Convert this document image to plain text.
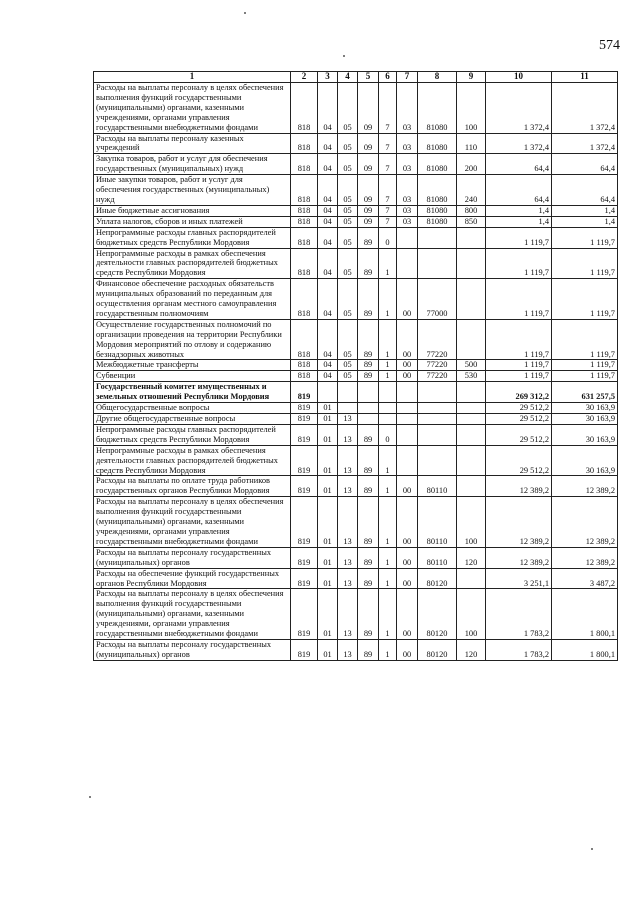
574
1	2	3	4	5	6	7	8	9	10	11
Расходы на выплаты персоналу в целях обеспечения выполнения функций государственными (муниципальными) органами, казенными учреждениями, органами управления государственными внебюджетными фондами	818	04	05	09	7	03	81080	100	1 372,4	1 372,4
Расходы на выплаты персоналу казенных учреждений	818	04	05	09	7	03	81080	110	1 372,4	1 372,4
Закупка товаров, работ и услуг для обеспечения государственных (муниципальных) нужд	818	04	05	09	7	03	81080	200	64,4	64,4
Иные закупки товаров, работ и услуг для обеспечения государственных (муниципальных) нужд	818	04	05	09	7	03	81080	240	64,4	64,4
Иные бюджетные ассигнования	818	04	05	09	7	03	81080	800	1,4	1,4
Уплата налогов, сборов и иных платежей	818	04	05	09	7	03	81080	850	1,4	1,4
Непрограммные расходы главных распорядителей бюджетных средств Республики Мордовия	818	04	05	89	0				1 119,7	1 119,7
Непрограммные расходы в рамках обеспечения деятельности главных распорядителей бюджетных средств Республики Мордовия	818	04	05	89	1				1 119,7	1 119,7
Финансовое обеспечение расходных обязательств муниципальных образований по переданным для осуществления органам местного самоуправления государственным полномочиям	818	04	05	89	1	00	77000		1 119,7	1 119,7
Осуществление государственных полномочий по организации проведения на территории Республики Мордовия мероприятий по отлову и содержанию безнадзорных животных	818	04	05	89	1	00	77220		1 119,7	1 119,7
Межбюджетные трансферты	818	04	05	89	1	00	77220	500	1 119,7	1 119,7
Субвенции	818	04	05	89	1	00	77220	530	1 119,7	1 119,7
Государственный комитет имущественных и земельных отношений Республики Мордовия	819								269 312,2	631 257,5
Общегосударственные вопросы	819	01							29 512,2	30 163,9
Другие общегосударственные вопросы	819	01	13						29 512,2	30 163,9
Непрограммные расходы главных распорядителей бюджетных средств Республики Мордовия	819	01	13	89	0				29 512,2	30 163,9
Непрограммные расходы в рамках обеспечения деятельности главных распорядителей бюджетных средств Республики Мордовия	819	01	13	89	1				29 512,2	30 163,9
Расходы на выплаты по оплате труда работников государственных органов Республики Мордовия	819	01	13	89	1	00	80110		12 389,2	12 389,2
Расходы на выплаты персоналу в целях обеспечения выполнения функций государственными (муниципальными) органами, казенными учреждениями, органами управления государственными внебюджетными фондами	819	01	13	89	1	00	80110	100	12 389,2	12 389,2
Расходы на выплаты персоналу государственных (муниципальных) органов	819	01	13	89	1	00	80110	120	12 389,2	12 389,2
Расходы на обеспечение функций государственных органов Республики Мордовия	819	01	13	89	1	00	80120		3 251,1	3 487,2
Расходы на выплаты персоналу в целях обеспечения выполнения функций государственными (муниципальными) органами, казенными учреждениями, органами управления государственными внебюджетными фондами	819	01	13	89	1	00	80120	100	1 783,2	1 800,1
Расходы на выплаты персоналу государственных (муниципальных) органов	819	01	13	89	1	00	80120	120	1 783,2	1 800,1
